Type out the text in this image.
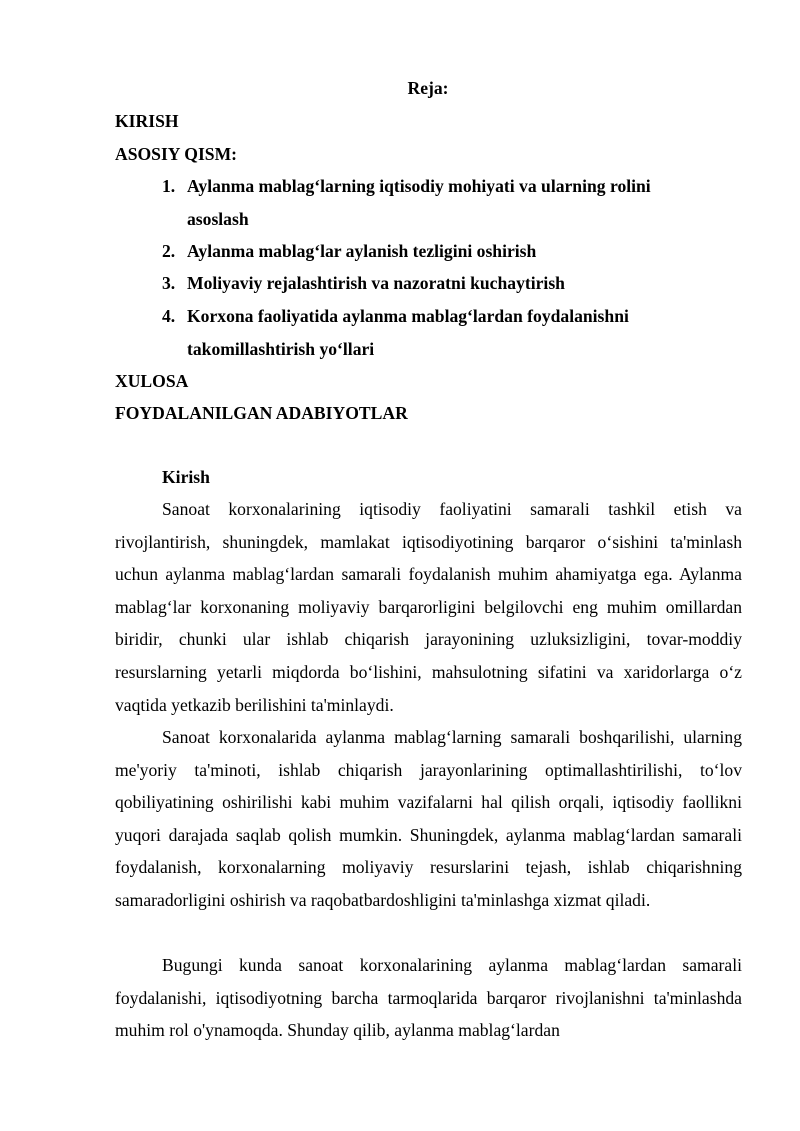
Reja:
KIRISH
ASOSIY QISM:
1. Aylanma mablag‘larning iqtisodiy mohiyati va ularning rolini asoslash
2. Aylanma mablag‘lar aylanish tezligini oshirish
3. Moliyaviy rejalashtirish va nazoratni kuchaytirish
4. Korxona faoliyatida aylanma mablag‘lardan foydalanishni takomillashtirish yo‘llari
XULOSA
FOYDALANILGAN ADABIYOTLAR
Kirish

Sanoat korxonalarining iqtisodiy faoliyatini samarali tashkil etish va rivojlantirish, shuningdek, mamlakat iqtisodiyotining barqaror o‘sishini ta'minlash uchun aylanma mablag‘lardan samarali foydalanish muhim ahamiyatga ega. Aylanma mablag‘lar korxonaning moliyaviy barqarorligini belgilovchi eng muhim omillardan biridir, chunki ular ishlab chiqarish jarayonining uzluksizligini, tovar-moddiy resurslarning yetarli miqdorda bo‘lishini, mahsulotning sifatini va xaridorlarga o‘z vaqtida yetkazib berilishini ta'minlaydi.

Sanoat korxonalarida aylanma mablag‘larning samarali boshqarilishi, ularning me'yoriy ta'minoti, ishlab chiqarish jarayonlarining optimallashtirilishi, to‘lov qobiliyatining oshirilishi kabi muhim vazifalarni hal qilish orqali, iqtisodiy faollikni yuqori darajada saqlab qolish mumkin. Shuningdek, aylanma mablag‘lardan samarali foydalanish, korxonalarning moliyaviy resurslarini tejash, ishlab chiqarishning samaradorligini oshirish va raqobatbardoshligini ta'minlashga xizmat qiladi.

Bugungi kunda sanoat korxonalarining aylanma mablag‘lardan samarali foydalanishi, iqtisodiyotning barcha tarmoqlarida barqaror rivojlanishni ta'minlashda muhim rol o'ynamoqda. Shunday qilib, aylanma mablag‘lardan
